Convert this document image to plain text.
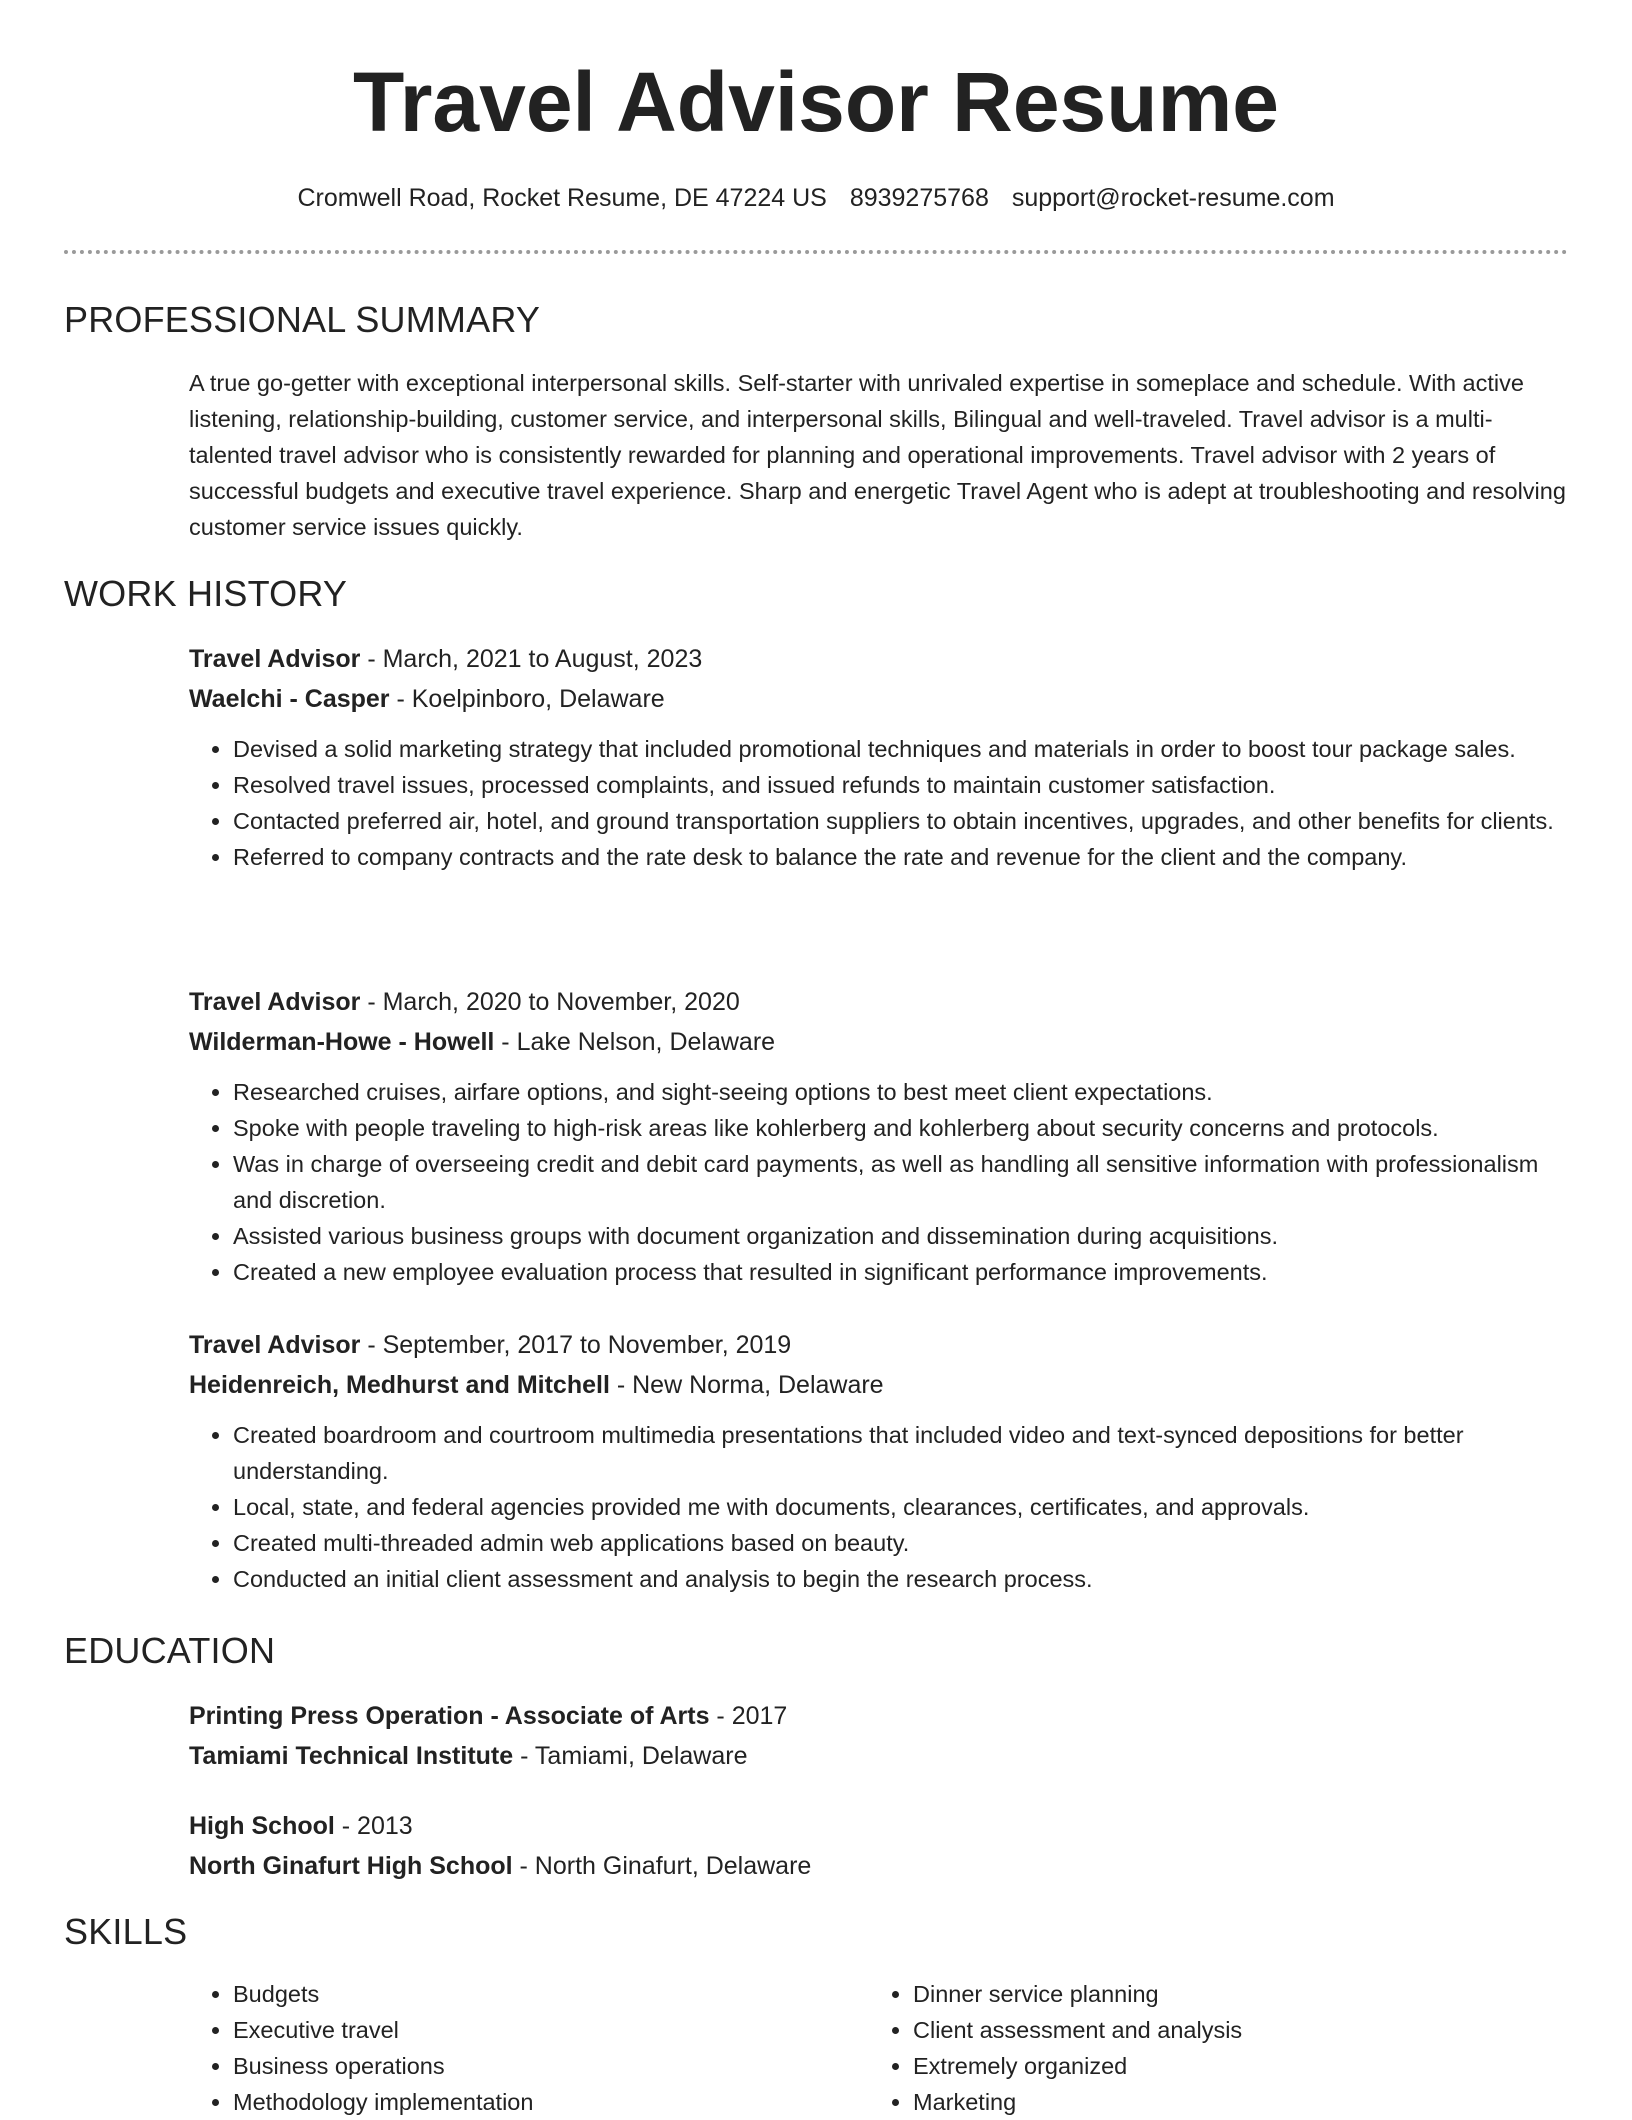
Travel Advisor Resume
Cromwell Road, Rocket Resume, DE 47224 US 8939275768 support@rocket-resume.com
PROFESSIONAL SUMMARY

A true go-getter with exceptional interpersonal skills. Self-starter with unrivaled expertise in someplace and schedule. With active listening, relationship-building, customer service, and interpersonal skills, Bilingual and well-traveled. Travel advisor is a multi-talented travel advisor who is consistently rewarded for planning and operational improvements. Travel advisor with 2 years of successful budgets and executive travel experience. Sharp and energetic Travel Agent who is adept at troubleshooting and resolving customer service issues quickly.

WORK HISTORY

Travel Advisor - March, 2021 to August, 2023

Waelchi - Casper - Koelpinboro, Delaware

• Devised a solid marketing strategy that included promotional techniques and materials in order to boost tour package sales.
• Resolved travel issues, processed complaints, and issued refunds to maintain customer satisfaction.
• Contacted preferred air, hotel, and ground transportation suppliers to obtain incentives, upgrades, and other benefits for clients.
• Referred to company contracts and the rate desk to balance the rate and revenue for the client and the company.

Travel Advisor - March, 2020 to November, 2020

Wilderman-Howe - Howell - Lake Nelson, Delaware

• Researched cruises, airfare options, and sight-seeing options to best meet client expectations.
• Spoke with people traveling to high-risk areas like kohlerberg and kohlerberg about security concerns and protocols.
• Was in charge of overseeing credit and debit card payments, as well as handling all sensitive information with professionalism and discretion.
• Assisted various business groups with document organization and dissemination during acquisitions.
• Created a new employee evaluation process that resulted in significant performance improvements.

Travel Advisor - September, 2017 to November, 2019

Heidenreich, Medhurst and Mitchell - New Norma, Delaware

• Created boardroom and courtroom multimedia presentations that included video and text-synced depositions for better understanding.
• Local, state, and federal agencies provided me with documents, clearances, certificates, and approvals.
• Created multi-threaded admin web applications based on beauty.
• Conducted an initial client assessment and analysis to begin the research process.
EDUCATION

Printing Press Operation - Associate of Arts - 2017

Tamiami Technical Institute - Tamiami, Delaware

High School - 2013

North Ginafurt High School - North Ginafurt, Delaware

SKILLS
• Budgets
• Executive travel
• Business operations
• Methodology implementation
• Dinner service planning
• Client assessment and analysis
• Extremely organized
• Marketing
